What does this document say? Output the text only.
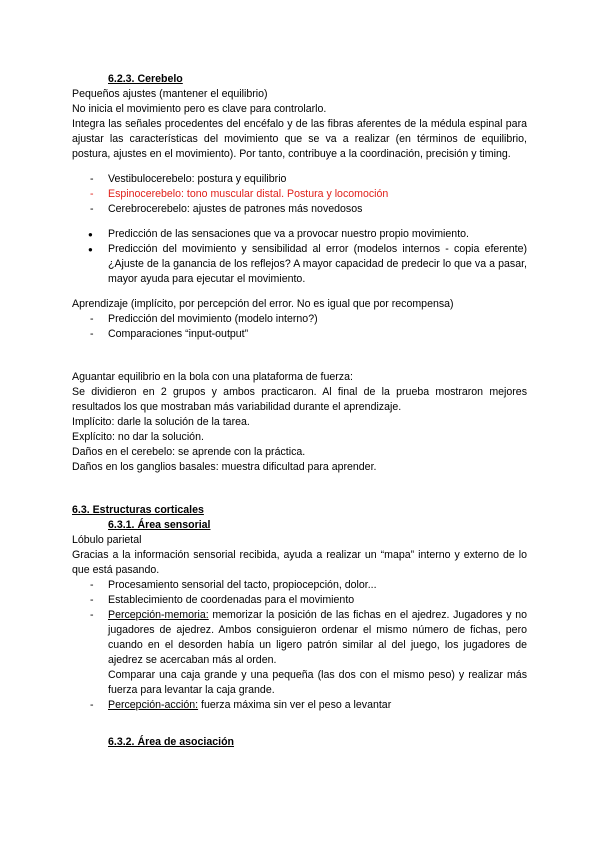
6.2.3. Cerebelo

Pequeños ajustes (mantener el equilibrio)

No inicia el movimiento pero es clave para controlarlo.

Integra las señales procedentes del encéfalo y de las fibras aferentes de la médula espinal para ajustar las características del movimiento que se va a realizar (en términos de equilibrio, postura, ajustes en el movimiento). Por tanto, contribuye a la coordinación, precisión y timing.

- Vestibulocerebelo: postura y equilibrio
- Espinocerebelo: tono muscular distal. Postura y locomoción
- Cerebrocerebelo: ajustes de patrones más novedosos
● Predicción de las sensaciones que va a provocar nuestro propio movimiento.
● Predicción del movimiento y sensibilidad al error (modelos internos - copia eferente) ¿Ajuste de la ganancia de los reflejos? A mayor capacidad de predecir lo que va a pasar, mayor ayuda para ejecutar el movimiento.

Aprendizaje (implícito, por percepción del error. No es igual que por recompensa)

- Predicción del movimiento (modelo interno?)
- Comparaciones “input-output”

Aguantar equilibrio en la bola con una plataforma de fuerza:

Se dividieron en 2 grupos y ambos practicaron. Al final de la prueba mostraron mejores resultados los que mostraban más variabilidad durante el aprendizaje.

Implícito: darle la solución de la tarea.

Explícito: no dar la solución.

Daños en el cerebelo: se aprende con la práctica.

Daños en los ganglios basales: muestra dificultad para aprender.

6.3. Estructuras corticales
6.3.1. Área sensorial

Lóbulo parietal

Gracias a la información sensorial recibida, ayuda a realizar un “mapa” interno y externo de lo que está pasando.

- Procesamiento sensorial del tacto, propiocepción, dolor...
- Establecimiento de coordenadas para el movimiento
- Percepción-memoria: memorizar la posición de las fichas en el ajedrez. Jugadores y no jugadores de ajedrez. Ambos consiguieron ordenar el mismo número de fichas, pero cuando en el desorden había un ligero patrón similar al del juego, los jugadores de ajedrez se acercaban más al orden.
Comparar una caja grande y una pequeña (las dos con el mismo peso) y realizar más fuerza para levantar la caja grande.
- Percepción-acción: fuerza máxima sin ver el peso a levantar
6.3.2. Área de asociación
